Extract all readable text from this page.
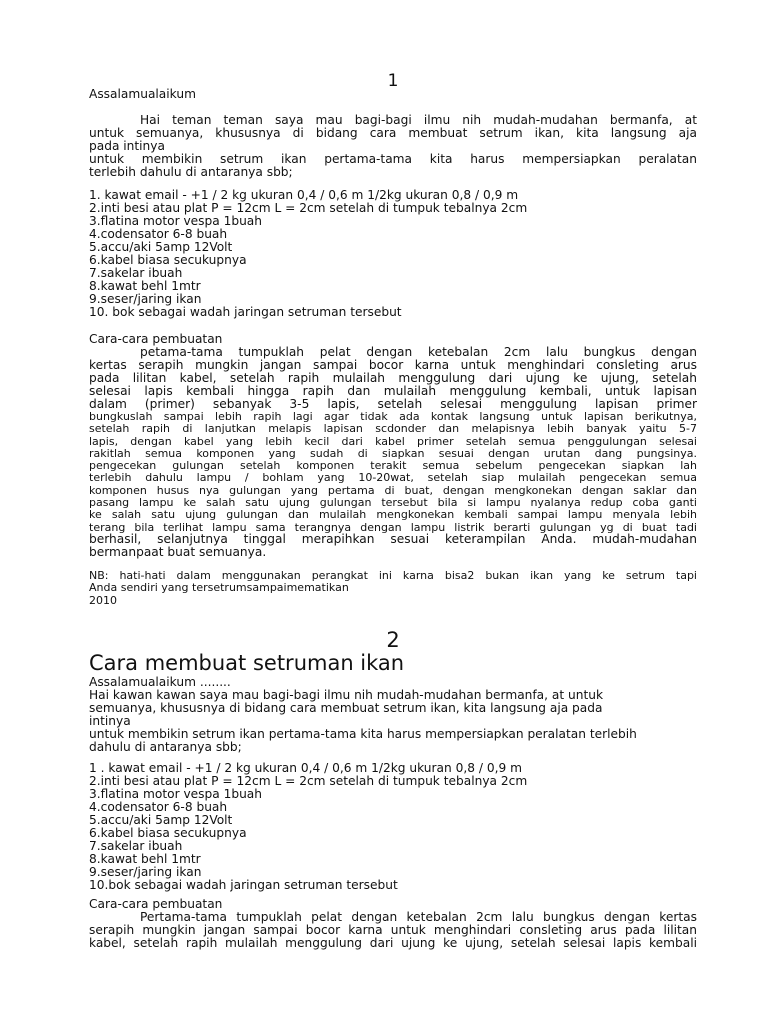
1
Assalamualaikum
Hai teman teman saya mau bagi-bagi ilmu nih mudah-mudahan bermanfa, at
untuk semuanya, khususnya di bidang cara membuat setrum ikan, kita langsung aja
pada intinya
untuk membikin setrum ikan pertama-tama kita harus mempersiapkan peralatan
terlebih dahulu di antaranya sbb;
1. kawat email - +1 / 2 kg ukuran 0,4 / 0,6 m 1/2kg ukuran 0,8 / 0,9 m
2.inti besi atau plat P = 12cm L = 2cm setelah di tumpuk tebalnya 2cm
3.flatina motor vespa 1buah
4.codensator 6-8 buah
5.accu/aki 5amp 12Volt
6.kabel biasa secukupnya
7.sakelar ibuah
8.kawat behl 1mtr
9.seser/jaring ikan
10. bok sebagai wadah jaringan setruman tersebut
Cara-cara pembuatan
petama-tama tumpuklah pelat dengan ketebalan 2cm lalu bungkus dengan
kertas serapih mungkin jangan sampai bocor karna untuk menghindari consleting arus
pada lilitan kabel, setelah rapih mulailah menggulung dari ujung ke ujung, setelah
selesai lapis kembali hingga rapih dan mulailah menggulung kembali, untuk lapisan
dalam (primer) sebanyak 3-5 lapis, setelah selesai menggulung lapisan primer
bungkuslah sampai lebih rapih lagi agar tidak ada kontak langsung untuk lapisan berikutnya,
setelah rapih di lanjutkan melapis lapisan scdonder dan melapisnya lebih banyak yaitu 5-7
lapis, dengan kabel yang lebih kecil dari kabel primer setelah semua penggulungan selesai
rakitlah semua komponen yang sudah di siapkan sesuai dengan urutan dang pungsinya.
pengecekan gulungan setelah komponen terakit semua sebelum pengecekan siapkan lah
terlebih dahulu lampu / bohlam yang 10-20wat, setelah siap mulailah pengecekan semua
komponen husus nya gulungan yang pertama di buat, dengan mengkonekan dengan saklar dan
pasang lampu ke salah satu ujung gulungan tersebut bila si lampu nyalanya redup coba ganti
ke salah satu ujung gulungan dan mulailah mengkonekan kembali sampai lampu menyala lebih
terang bila terlihat lampu sama terangnya dengan lampu listrik berarti gulungan yg di buat tadi
berhasil, selanjutnya tinggal merapihkan sesuai keterampilan Anda. mudah-mudahan
bermanpaat buat semuanya.
NB: hati-hati dalam menggunakan perangkat ini karna bisa2 bukan ikan yang ke setrum tapi
Anda sendiri yang tersetrumsampaimematikan
2010
2
Cara membuat setruman ikan
Assalamualaikum ........
Hai kawan kawan saya mau bagi-bagi ilmu nih mudah-mudahan bermanfa, at untuk
semuanya, khususnya di bidang cara membuat setrum ikan, kita langsung aja pada
intinya
untuk membikin setrum ikan pertama-tama kita harus mempersiapkan peralatan terlebih
dahulu di antaranya sbb;
1 . kawat email - +1 / 2 kg ukuran 0,4 / 0,6 m 1/2kg ukuran 0,8 / 0,9 m
2.inti besi atau plat P = 12cm L = 2cm setelah di tumpuk tebalnya 2cm
3.flatina motor vespa 1buah
4.codensator 6-8 buah
5.accu/aki 5amp 12Volt
6.kabel biasa secukupnya
7.sakelar ibuah
8.kawat behl 1mtr
9.seser/jaring ikan
10.bok sebagai wadah jaringan setruman tersebut
Cara-cara pembuatan
Pertama-tama tumpuklah pelat dengan ketebalan 2cm lalu bungkus dengan kertas
serapih mungkin jangan sampai bocor karna untuk menghindari consleting arus pada lilitan
kabel, setelah rapih mulailah menggulung dari ujung ke ujung, setelah selesai lapis kembali
